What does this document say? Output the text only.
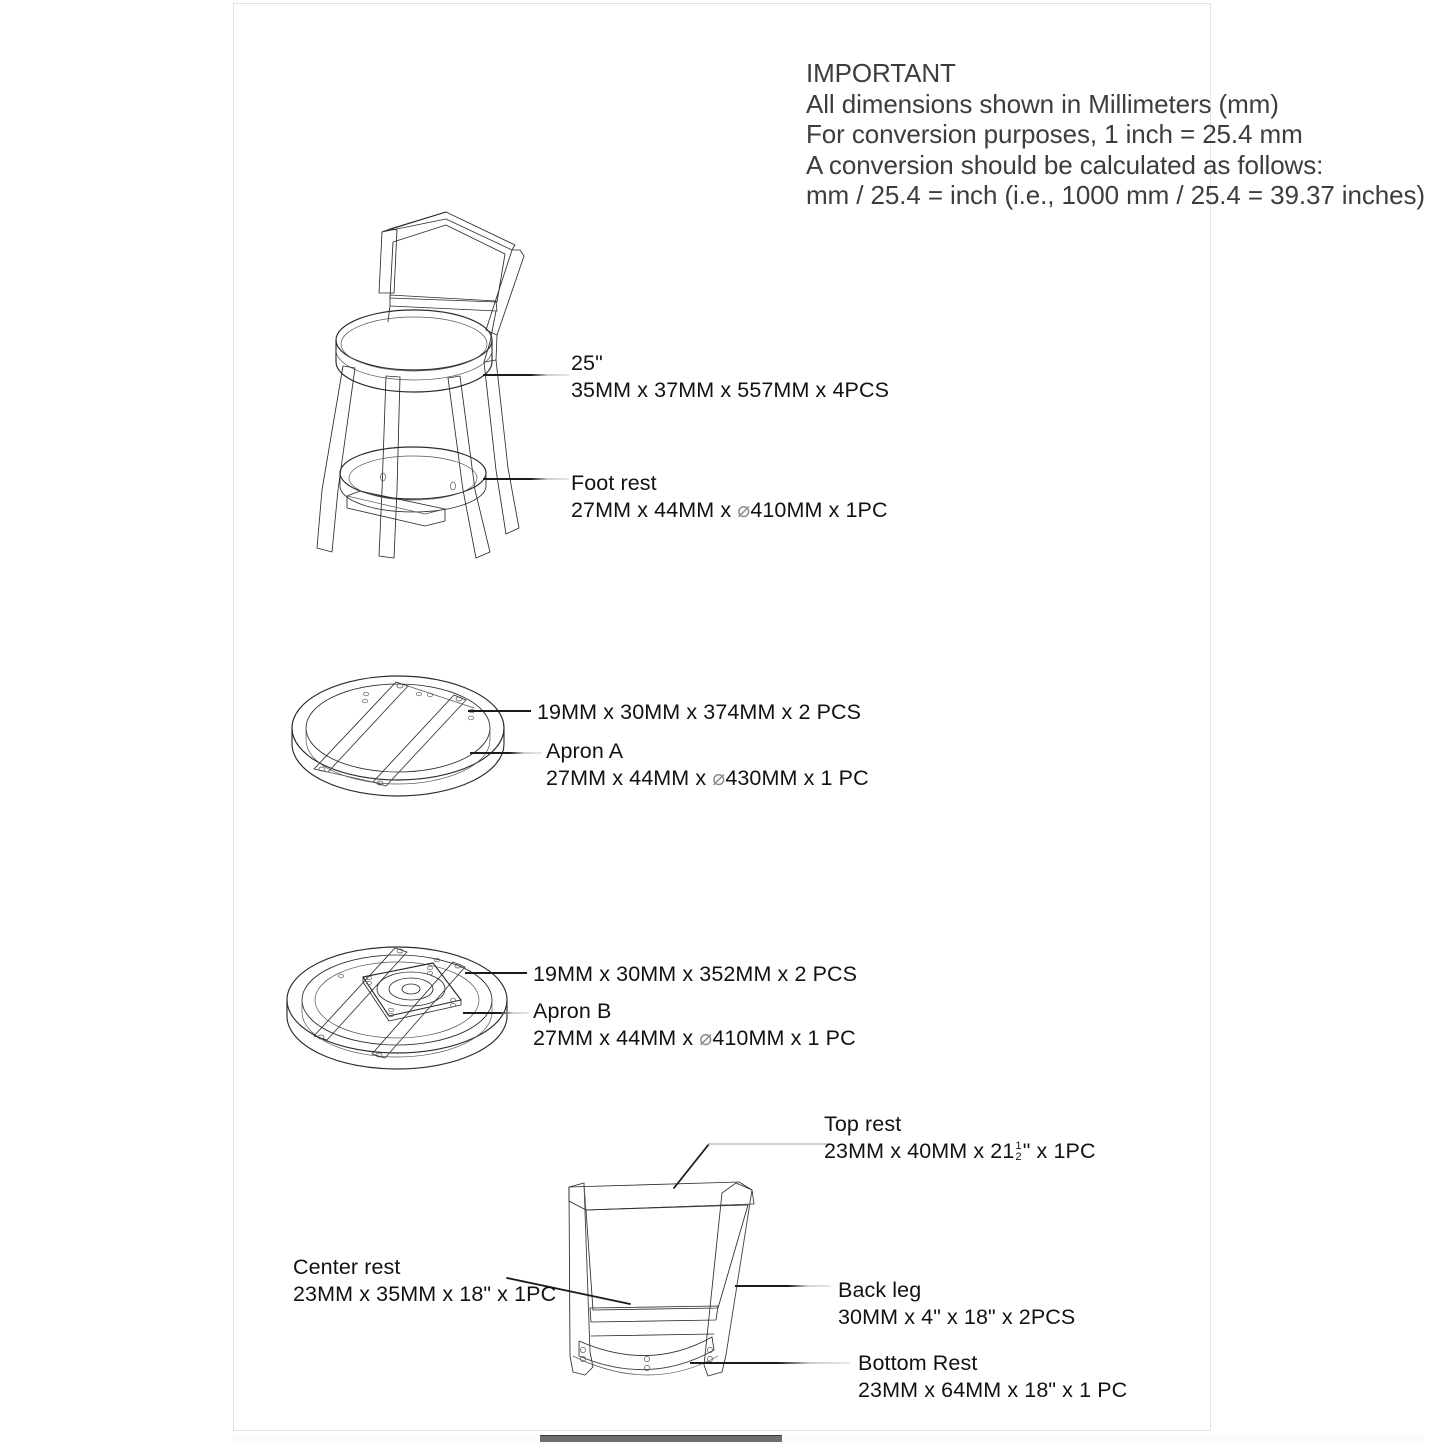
IMPORTANT
All dimensions shown in Millimeters (mm)
For conversion purposes, 1 inch = 25.4 mm
A conversion should be calculated as follows:
mm / 25.4 = inch (i.e., 1000 mm / 25.4 = 39.37 inches)
25"
35MM x 37MM x 557MM x 4PCS
Foot rest
27MM x 44MM x ⌀410MM x 1PC
19MM x 30MM x 374MM x 2 PCS
Apron A
27MM x 44MM x ⌀430MM x 1 PC
19MM x 30MM x 352MM x 2 PCS
Apron B
27MM x 44MM x ⌀410MM x 1 PC
Top rest
23MM x 40MM x 21 1
2 " x 1PC
Center rest
23MM x 35MM x 18" x 1PC	Back leg
30MM x 4" x 18" x 2PCS
Bottom Rest
23MM x 64MM x 18" x 1 PC
